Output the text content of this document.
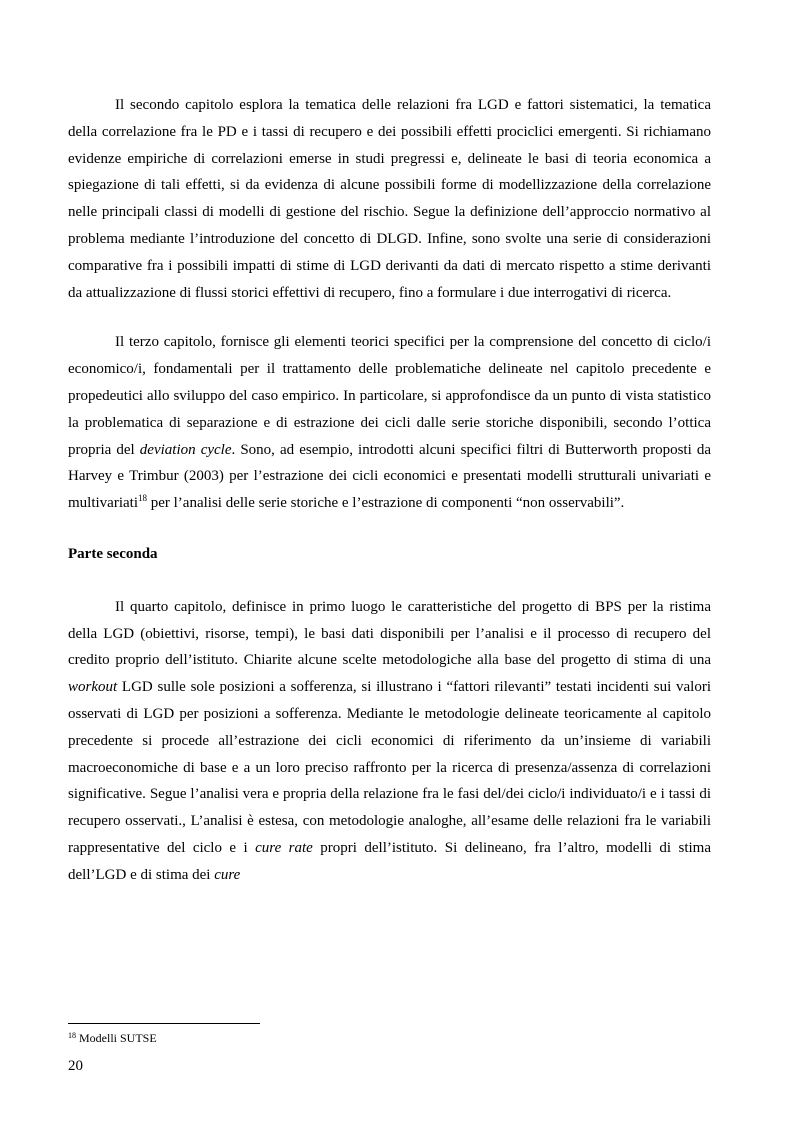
Il secondo capitolo esplora la tematica delle relazioni fra LGD e fattori sistematici, la tematica della correlazione fra le PD e i tassi di recupero e dei possibili effetti prociclici emergenti. Si richiamano evidenze empiriche di correlazioni emerse in studi pregressi e, delineate le basi di teoria economica a spiegazione di tali effetti, si da evidenza di alcune possibili forme di modellizzazione della correlazione nelle principali classi di modelli di gestione del rischio. Segue la definizione dell’approccio normativo al problema mediante l’introduzione del concetto di DLGD. Infine, sono svolte una serie di considerazioni comparative fra i possibili impatti di stime di LGD derivanti da dati di mercato rispetto a stime derivanti da attualizzazione di flussi storici effettivi di recupero, fino a formulare i due interrogativi di ricerca.

Il terzo capitolo, fornisce gli elementi teorici specifici per la comprensione del concetto di ciclo/i economico/i, fondamentali per il trattamento delle problematiche delineate nel capitolo precedente e propedeutici allo sviluppo del caso empirico. In particolare, si approfondisce da un punto di vista statistico la problematica di separazione e di estrazione dei cicli dalle serie storiche disponibili, secondo l’ottica propria del deviation cycle. Sono, ad esempio, introdotti alcuni specifici filtri di Butterworth proposti da Harvey e Trimbur (2003) per l’estrazione dei cicli economici e presentati modelli strutturali univariati e multivariati$^{18}$ per l’analisi delle serie storiche e l’estrazione di componenti “non osservabili”.

Parte seconda

Il quarto capitolo, definisce in primo luogo le caratteristiche del progetto di BPS per la ristima della LGD (obiettivi, risorse, tempi), le basi dati disponibili per l’analisi e il processo di recupero del credito proprio dell’istituto. Chiarite alcune scelte metodologiche alla base del progetto di stima di una workout LGD sulle sole posizioni a sofferenza, si illustrano i “fattori rilevanti” testati incidenti sui valori osservati di LGD per posizioni a sofferenza. Mediante le metodologie delineate teoricamente al capitolo precedente si procede all’estrazione dei cicli economici di riferimento da un’insieme di variabili macroeconomiche di base e a un loro preciso raffronto per la ricerca di presenza/assenza di correlazioni significative. Segue l’analisi vera e propria della relazione fra le fasi del/dei ciclo/i individuato/i e i tassi di recupero osservati., L’analisi è estesa, con metodologie analoghe, all’esame delle relazioni fra le variabili rappresentative del ciclo e i cure rate propri dell’istituto. Si delineano, fra l’altro, modelli di stima dell’LGD e di stima dei cure

$^{18}$ Modelli SUTSE
20
